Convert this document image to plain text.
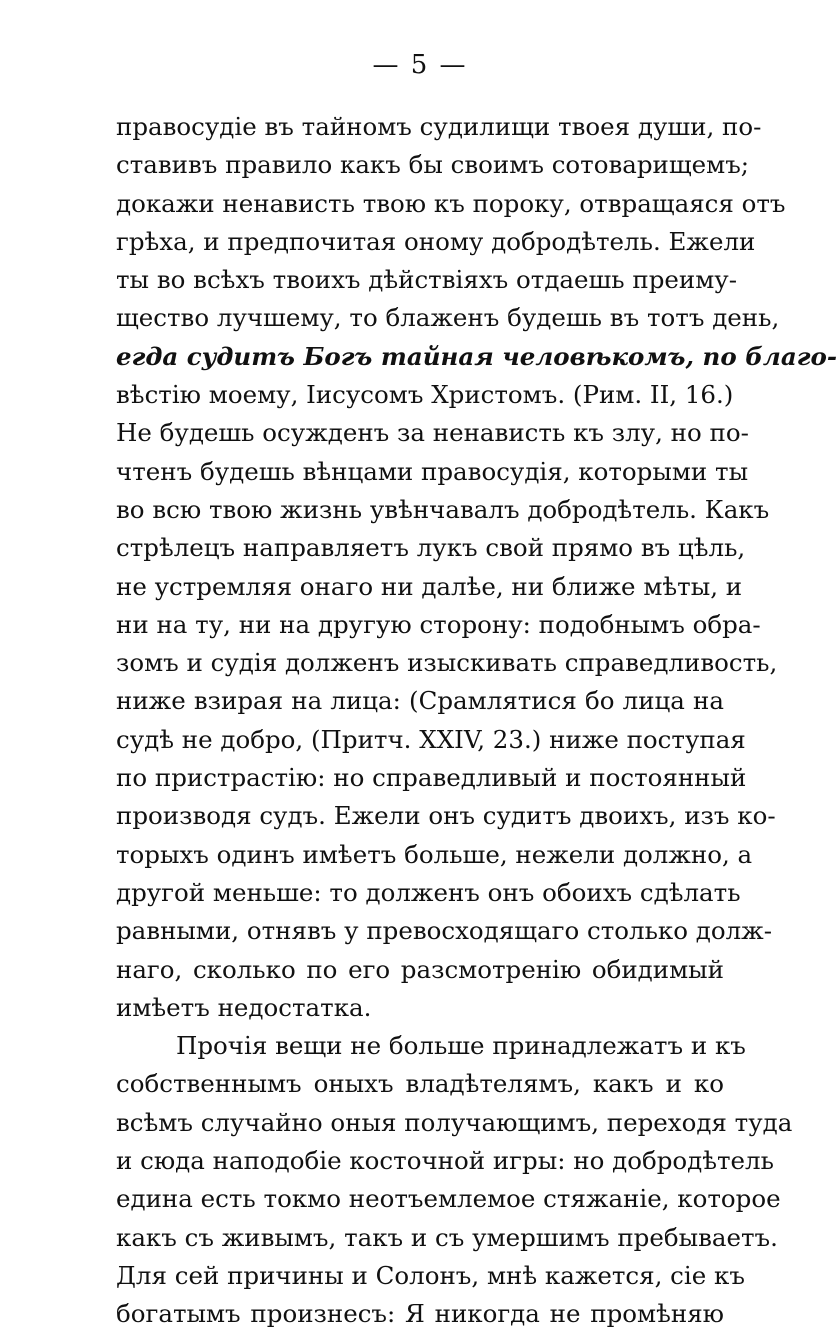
— 5 —
правосудіе въ тайномъ судилищи твоея души, по-
ставивъ правило какъ бы своимъ сотоварищемъ;
докажи ненависть твою къ пороку, отвращаяся отъ
грѣха, и предпочитая оному добродѣтель. Ежели
ты во всѣхъ твоихъ дѣйствіяхъ отдаешь преиму-
щество лучшему, то блаженъ будешь въ тотъ день,
егда судитъ Богъ тайная человѣкомъ, по благо-
вѣстію моему, Іисусомъ Христомъ. (Рим. II, 16.)
Не будешь осужденъ за ненависть къ злу, но по-
чтенъ будешь вѣнцами правосудія, которыми ты
во всю твою жизнь увѣнчавалъ добродѣтель. Какъ
стрѣлецъ направляетъ лукъ свой прямо въ цѣль,
не устремляя онаго ни далѣе, ни ближе мѣты, и
ни на ту, ни на другую сторону: подобнымъ обра-
зомъ и судія долженъ изыскивать справедливость,
ниже взирая на лица: (Срамлятися бо лица на
судѣ не добро, (Притч. XXIV, 23.) ниже поступая
по пристрастію: но справедливый и постоянный
производя судъ. Ежели онъ судитъ двоихъ, изъ ко-
торыхъ одинъ имѣетъ больше, нежели должно, а
другой меньше: то долженъ онъ обоихъ сдѣлать
равными, отнявъ у превосходящаго столько долж-
наго, сколько по его разсмотренію обидимый
имѣетъ недостатка.
Прочія вещи не больше принадлежатъ и къ
собственнымъ оныхъ владѣтелямъ, какъ и ко
всѣмъ случайно оныя получающимъ, переходя туда
и сюда наподобіе косточной игры: но добродѣтель
едина есть токмо неотъемлемое стяжаніе, которое
какъ съ живымъ, такъ и съ умершимъ пребываетъ.
Для сей причины и Солонъ, мнѣ кажется, сіе къ
богатымъ произнесъ: Я никогда не промѣняю
